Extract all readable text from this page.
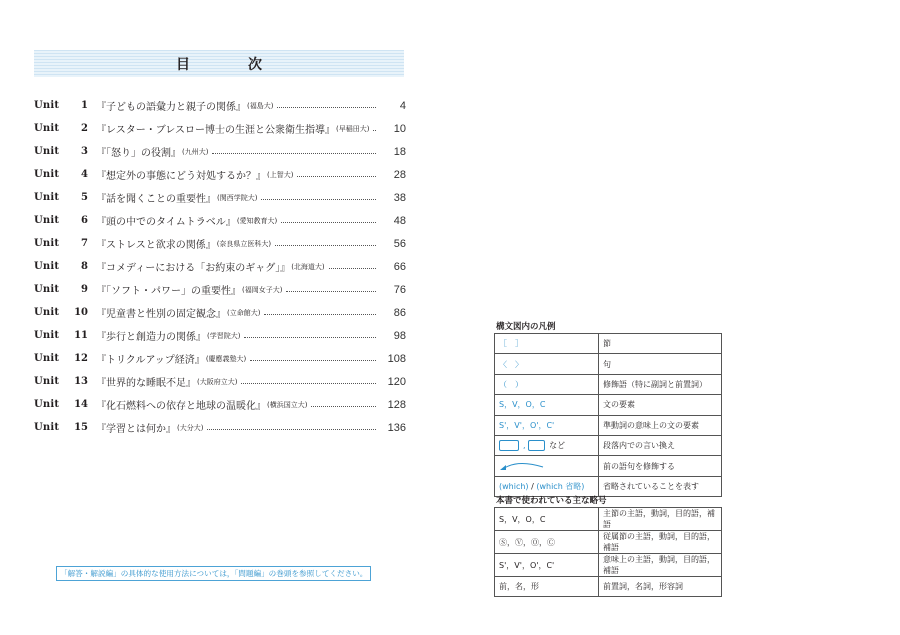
目　次
Unit	1 『子どもの語彙力と親子の関係』 (福島大)	4
Unit	2 『レスター・ブレスロー博士の生涯と公衆衛生指導』 (早稲田大)	10
Unit	3 『「怒り」の役割』 (九州大)	18
Unit	4 『想定外の事態にどう対処するか？』 (上智大)	28
Unit	5 『話を聞くことの重要性』 (関西学院大)	38
Unit	6 『頭の中でのタイムトラベル』 (愛知教育大)	48
Unit	7 『ストレスと欲求の関係』 (奈良県立医科大)	56
Unit	8 『コメディーにおける「お約束のギャグ」』 (北海道大)	66
Unit	9 『「ソフト・パワー」の重要性』 (福岡女子大)	76
Unit	10 『児童書と性別の固定観念』 (立命館大)	86
Unit	11 『歩行と創造力の関係』 (学習院大)	98
Unit	12 『トリクルアップ経済』 (慶應義塾大)	108
Unit	13 『世界的な睡眠不足』 (大阪府立大)	120
Unit	14 『化石燃料への依存と地球の温暖化』 (横浜国立大)	128
Unit	15 『学習とは何か』 (大分大)	136
「解答・解説編」の具体的な使用方法については，「問題編」の巻頭を参照してください。
構文図内の凡例
［　］	節
〈　〉	句
（　）	修飾語（特に副詞と前置詞）
S，V，O，C	文の要素
S'，V'，O'，C'	準動詞の意味上の文の要素
, など	段落内での言い換え
	前の語句を修飾する
(which) / (which 省略)	省略されていることを表す
本書で使われている主な略号
S，V，O，C	主節の主語，動詞，目的語，補語
Ⓢ，Ⓥ，Ⓞ，Ⓒ	従属節の主語，動詞，目的語，補語
S'，V'，O'，C'	意味上の主語，動詞，目的語，補語
前，名，形	前置詞，名詞，形容詞
